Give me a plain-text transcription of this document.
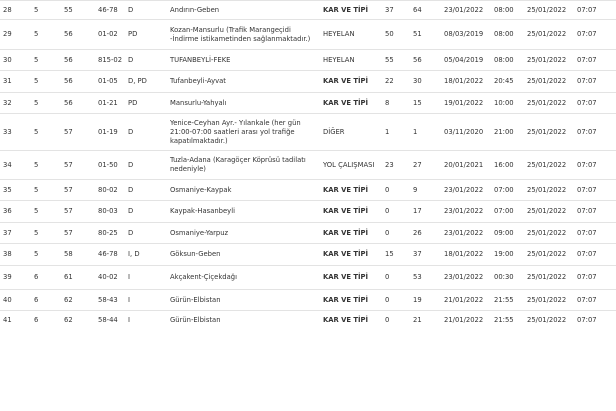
28	5	55	46-78	D	Andırın-Geben		KAR VE TİPİ	37	64	23/01/2022	08:00	25/01/2022	07:07
29	5	56	01-02	PD	Kozan-Mansurlu (Trafik Marangeçidi -İndirme istikametinden sağlanmaktadır.)		HEYELAN	50	51	08/03/2019	08:00	25/01/2022	07:07
30	5	56	815-02	D	TUFANBEYLİ-FEKE		HEYELAN	55	56	05/04/2019	08:00	25/01/2022	07:07
31	5	56	01-05	D, PD	Tufanbeyli-Ayvat		KAR VE TİPİ	22	30	18/01/2022	20:45	25/01/2022	07:07
32	5	56	01-21	PD	Mansurlu-Yahyalı		KAR VE TİPİ	8	15	19/01/2022	10:00	25/01/2022	07:07
33	5	57	01-19	D	Yenice-Ceyhan Ayr.- Yılankale (her gün 21:00-07:00 saatleri arası yol trafiğe kapatılmaktadır.)		DİĞER	1	1	03/11/2020	21:00	25/01/2022	07:07
34	5	57	01-50	D	Tuzla-Adana (Karagöçer Köprüsü tadilatı nedeniyle)		YOL ÇALIŞMASI	23	27	20/01/2021	16:00	25/01/2022	07:07
35	5	57	80-02	D	Osmaniye-Kaypak		KAR VE TİPİ	0	9	23/01/2022	07:00	25/01/2022	07:07
36	5	57	80-03	D	Kaypak-Hasanbeyli		KAR VE TİPİ	0	17	23/01/2022	07:00	25/01/2022	07:07
37	5	57	80-25	D	Osmaniye-Yarpuz		KAR VE TİPİ	0	26	23/01/2022	09:00	25/01/2022	07:07
38	5	58	46-78	I, D	Göksun-Geben		KAR VE TİPİ	15	37	18/01/2022	19:00	25/01/2022	07:07
39	6	61	40-02	I	Akçakent-Çiçekdağı		KAR VE TİPİ	0	53	23/01/2022	00:30	25/01/2022	07:07
40	6	62	58-43	I	Gürün-Elbistan		KAR VE TİPİ	0	19	21/01/2022	21:55	25/01/2022	07:07
41	6	62	58-44	I	Gürün-Elbistan		KAR VE TİPİ	0	21	21/01/2022	21:55	25/01/2022	07:07
